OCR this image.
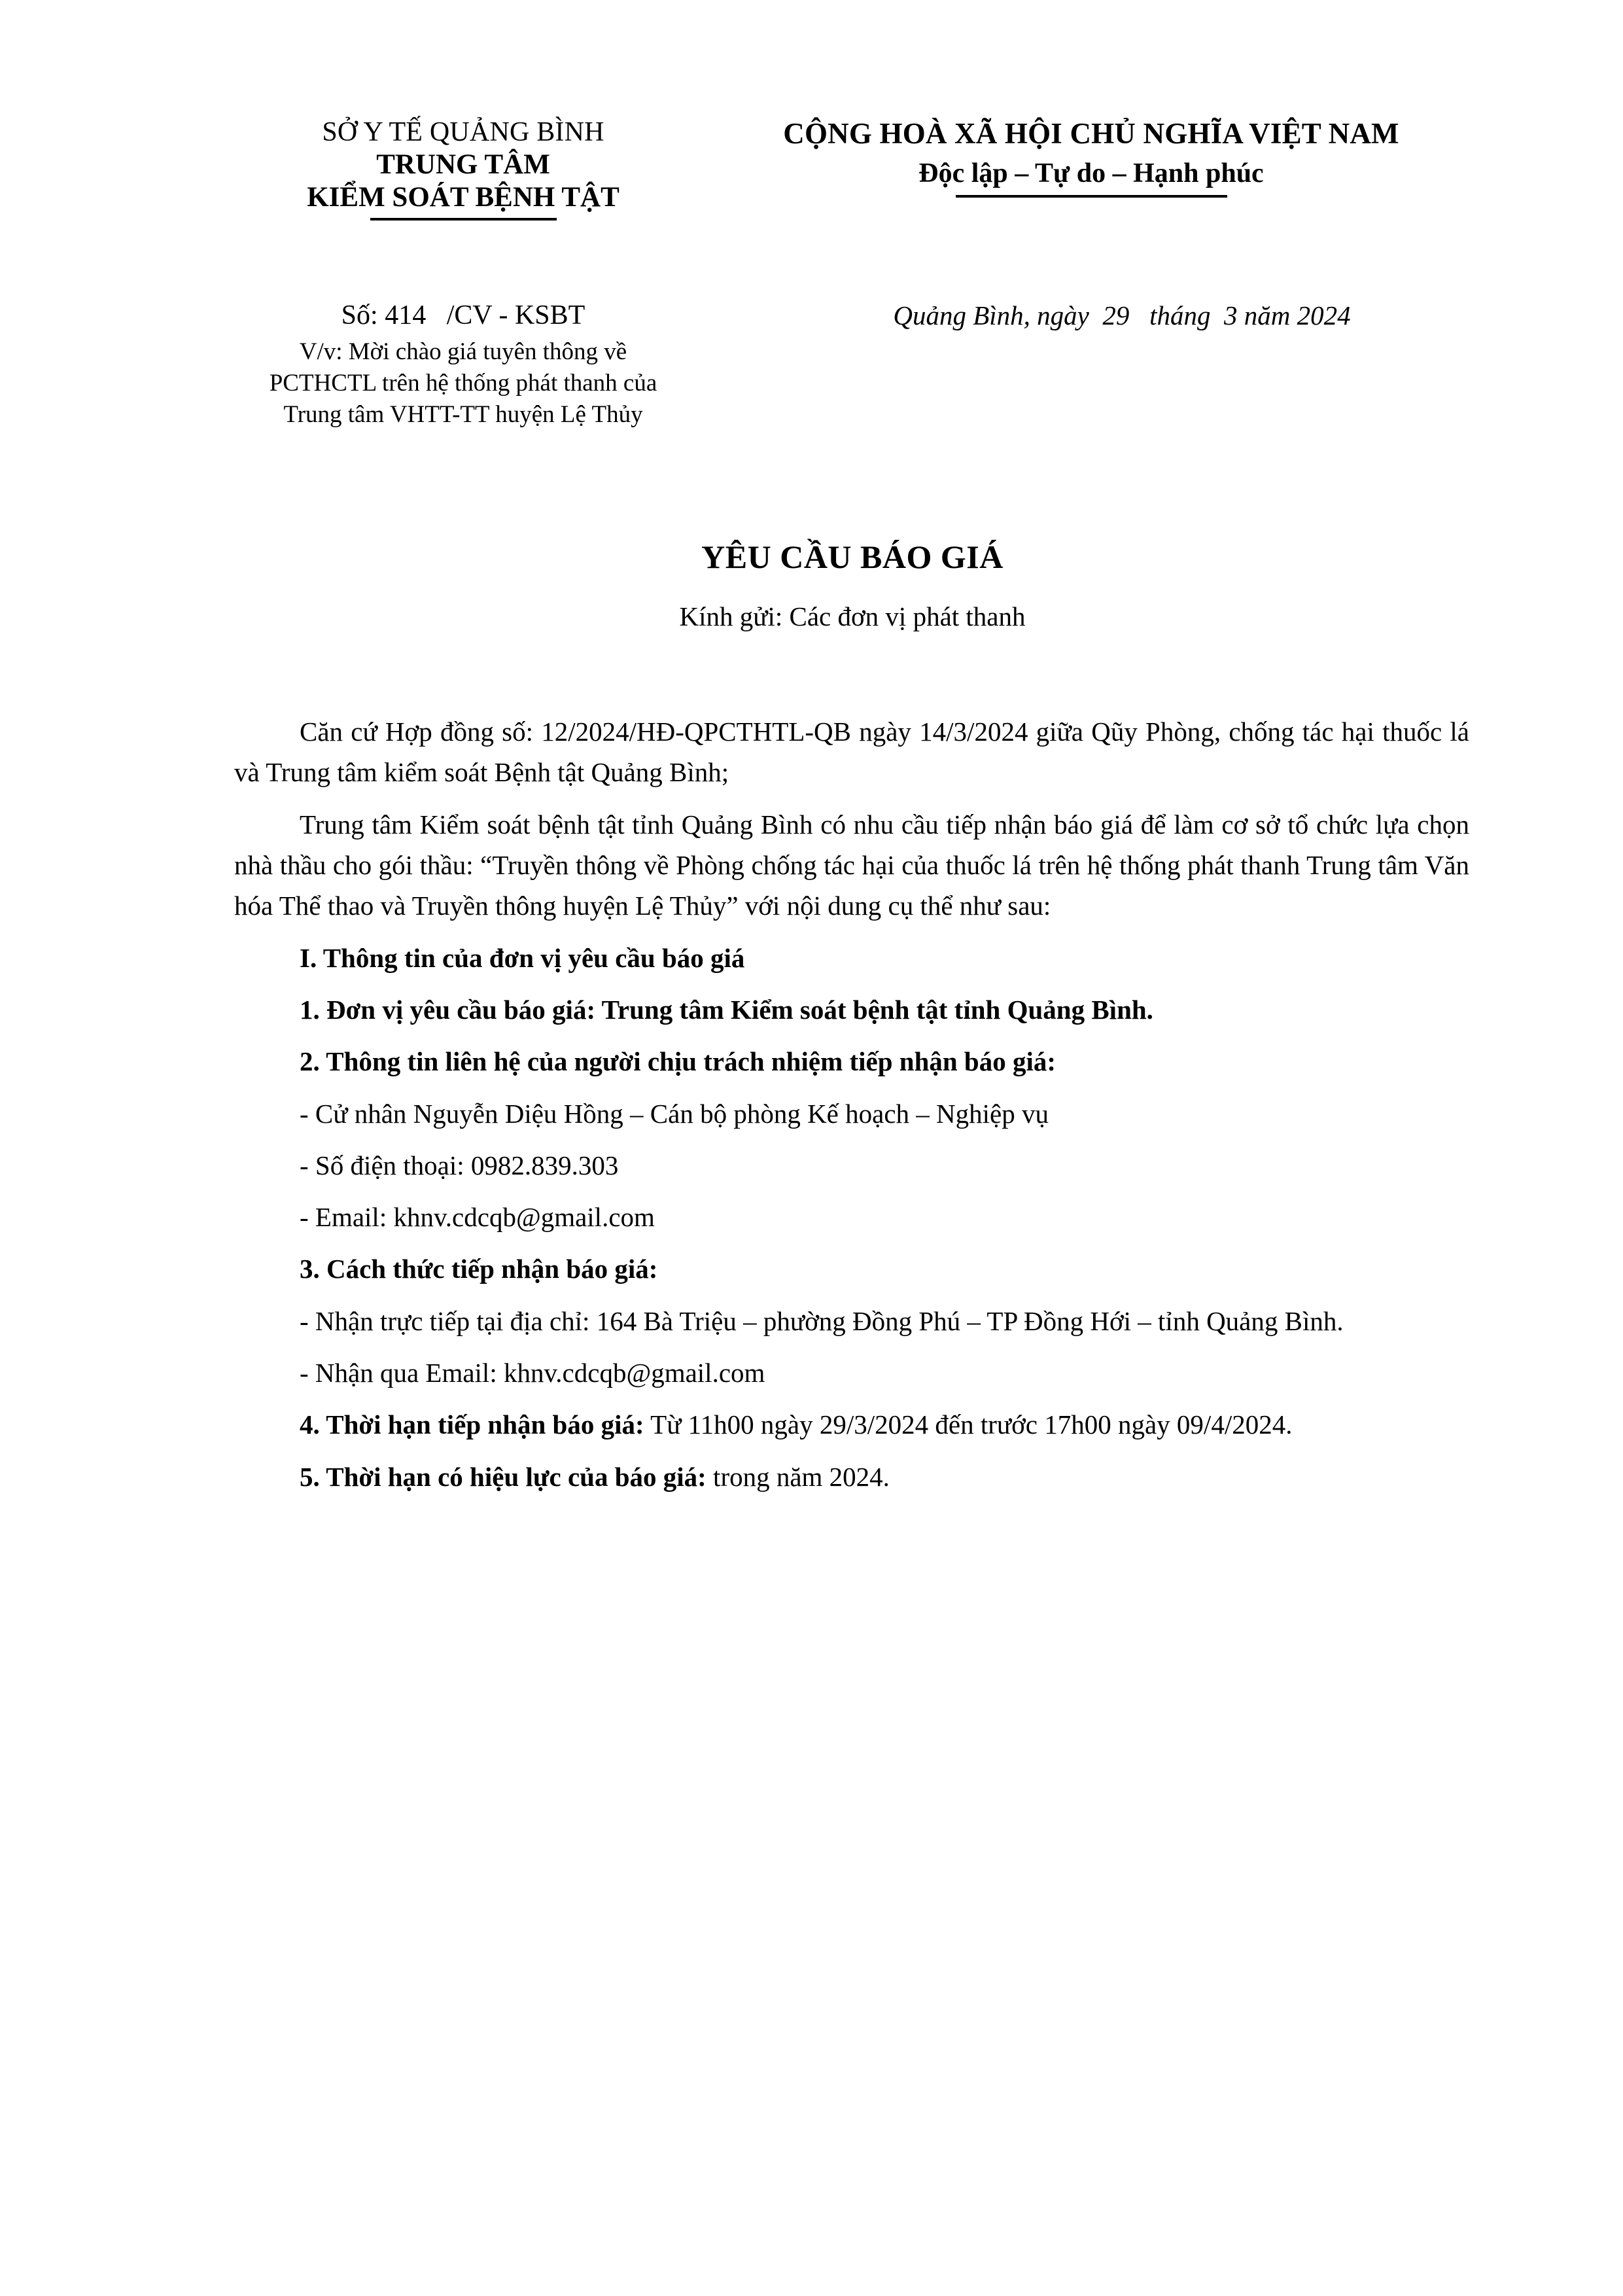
SỞ Y TẾ QUẢNG BÌNH
TRUNG TÂM
KIỂM SOÁT BỆNH TẬT
CỘNG HOÀ XÃ HỘI CHỦ NGHĨA VIỆT NAM
Độc lập – Tự do – Hạnh phúc
Số: 414   /CV - KSBT
V/v: Mời chào giá tuyên thông về
PCTHCTL trên hệ thống phát thanh của
Trung tâm VHTT-TT huyện Lệ Thủy
Quảng Bình, ngày  29   tháng  3 năm 2024
YÊU CẦU BÁO GIÁ
Kính gửi: Các đơn vị phát thanh

Căn cứ Hợp đồng số: 12/2024/HĐ-QPCTHTL-QB ngày 14/3/2024 giữa Qũy Phòng, chống tác hại thuốc lá và Trung tâm kiểm soát Bệnh tật Quảng Bình;

Trung tâm Kiểm soát bệnh tật tỉnh Quảng Bình có nhu cầu tiếp nhận báo giá để làm cơ sở tổ chức lựa chọn nhà thầu cho gói thầu: “Truyền thông về Phòng chống tác hại của thuốc lá trên hệ thống phát thanh Trung tâm Văn hóa Thể thao và Truyền thông huyện Lệ Thủy” với nội dung cụ thể như sau:

I. Thông tin của đơn vị yêu cầu báo giá

1. Đơn vị yêu cầu báo giá: Trung tâm Kiểm soát bệnh tật tỉnh Quảng Bình.

2. Thông tin liên hệ của người chịu trách nhiệm tiếp nhận báo giá:

- Cử nhân Nguyễn Diệu Hồng – Cán bộ phòng Kế hoạch – Nghiệp vụ

- Số điện thoại: 0982.839.303

- Email: khnv.cdcqb@gmail.com

3. Cách thức tiếp nhận báo giá:

- Nhận trực tiếp tại địa chỉ: 164 Bà Triệu – phường Đồng Phú – TP Đồng Hới – tỉnh Quảng Bình.

- Nhận qua Email: khnv.cdcqb@gmail.com

4. Thời hạn tiếp nhận báo giá: Từ 11h00 ngày 29/3/2024 đến trước 17h00 ngày 09/4/2024.

5. Thời hạn có hiệu lực của báo giá: trong năm 2024.
